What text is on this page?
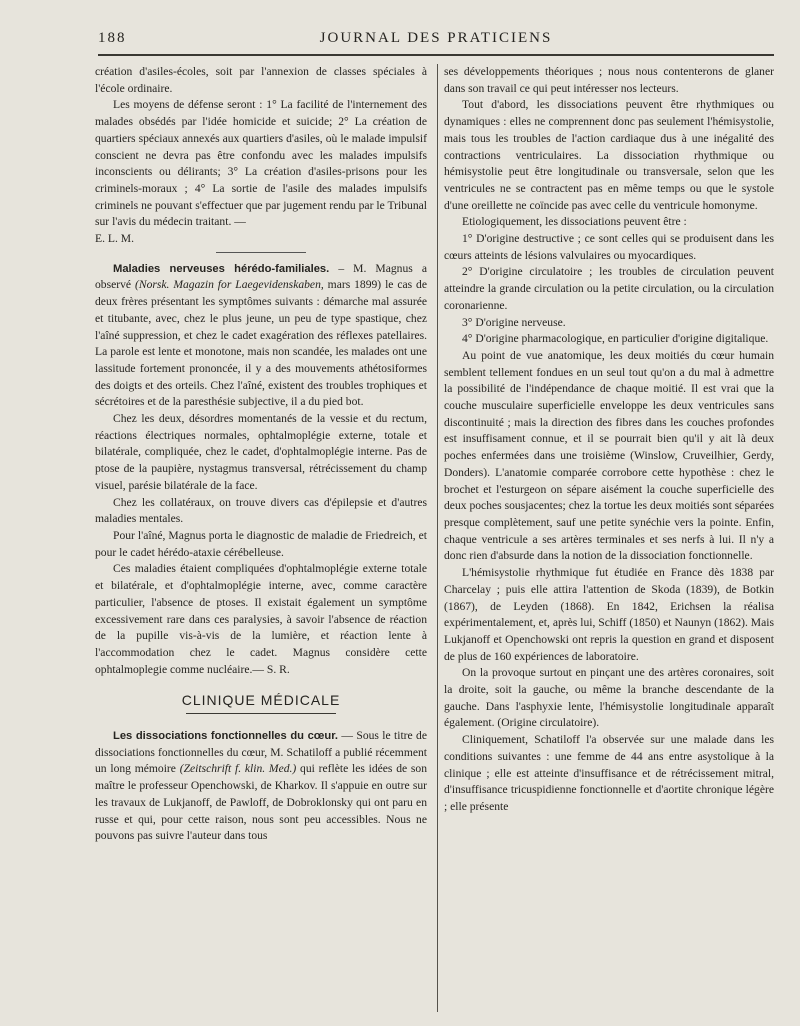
188	JOURNAL DES PRATICIENS

création d'asiles-écoles, soit par l'annexion de classes spéciales à l'école ordinaire.

Les moyens de défense seront : 1° La facilité de l'internement des malades obsédés par l'idée homicide et suicide; 2° La création de quartiers spéciaux annexés aux quartiers d'asiles, où le malade impulsif conscient ne devra pas être confondu avec les malades impulsifs inconscients ou délirants; 3° La création d'asiles-prisons pour les criminels-moraux ; 4° La sortie de l'asile des malades impulsifs criminels ne pouvant s'effectuer que par jugement rendu par le Tribunal sur l'avis du médecin traitant. —

E. L. M.

Maladies nerveuses hérédo-familiales. – M. Magnus a observé (Norsk. Magazin for Laegevidenskaben, mars 1899) le cas de deux frères présentant les symptômes suivants : démarche mal assurée et titubante, avec, chez le plus jeune, un peu de type spastique, chez l'aîné suppression, et chez le cadet exagération des réflexes patellaires. La parole est lente et monotone, mais non scandée, les malades ont une lassitude fortement prononcée, il y a des mouvements athétosiformes des doigts et des orteils. Chez l'aîné, existent des troubles trophiques et sécrétoires et de la paresthésie subjective, il a du pied bot.

Chez les deux, désordres momentanés de la vessie et du rectum, réactions électriques normales, ophtalmoplégie externe, totale et bilatérale, compliquée, chez le cadet, d'ophtalmoplégie interne. Pas de ptose de la paupière, nystagmus transversal, rétrécissement du champ visuel, parésie bilatérale de la face.

Chez les collatéraux, on trouve divers cas d'épilepsie et d'autres maladies mentales.

Pour l'aîné, Magnus porta le diagnostic de maladie de Friedreich, et pour le cadet hérédo-ataxie cérébelleuse.

Ces maladies étaient compliquées d'ophtalmoplégie externe totale et bilatérale, et d'ophtalmoplégie interne, avec, comme caractère particulier, l'absence de ptoses. Il existait également un symptôme excessivement rare dans ces paralysies, à savoir l'absence de réaction de la pupille vis-à-vis de la lumière, et réaction lente à l'accommodation chez le cadet. Magnus considère cette ophtalmoplegie comme nucléaire.— S. R.

CLINIQUE MÉDICALE

Les dissociations fonctionnelles du cœur. — Sous le titre de dissociations fonctionnelles du cœur, M. Schatiloff a publié récemment un long mémoire (Zeitschrift f. klin. Med.) qui reflète les idées de son maître le professeur Openchowski, de Kharkov. Il s'appuie en outre sur les travaux de Lukjanoff, de Pawloff, de Dobroklonsky qui ont paru en russe et qui, pour cette raison, nous sont peu accessibles. Nous ne pouvons pas suivre l'auteur dans tous

ses développements théoriques ; nous nous contenterons de glaner dans son travail ce qui peut intéresser nos lecteurs.

Tout d'abord, les dissociations peuvent être rhythmiques ou dynamiques : elles ne comprennent donc pas seulement l'hémisystolie, mais tous les troubles de l'action cardiaque dus à une inégalité des contractions ventriculaires. La dissociation rhythmique ou hémisystolie peut être longitudinale ou transversale, selon que les ventricules ne se contractent pas en même temps ou que le systole d'une oreillette ne coïncide pas avec celle du ventricule homonyme.

Etiologiquement, les dissociations peuvent être :

1° D'origine destructive ; ce sont celles qui se produisent dans les cœurs atteints de lésions valvulaires ou myocardiques.

2° D'origine circulatoire ; les troubles de circulation peuvent atteindre la grande circulation ou la petite circulation, ou la circulation coronarienne.

3° D'origine nerveuse.

4° D'origine pharmacologique, en particulier d'origine digitalique.

Au point de vue anatomique, les deux moitiés du cœur humain semblent tellement fondues en un seul tout qu'on a du mal à admettre la possibilité de l'indépendance de chaque moitié. Il est vrai que la couche musculaire superficielle enveloppe les deux ventricules sans discontinuité ; mais la direction des fibres dans les couches profondes est insuffisament connue, et il se pourrait bien qu'il y ait là deux poches enfermées dans une troisième (Winslow, Cruveilhier, Gerdy, Donders). L'anatomie comparée corrobore cette hypothèse : chez le brochet et l'esturgeon on sépare aisément la couche superficielle des deux poches sousjacentes; chez la tortue les deux moitiés sont séparées presque complètement, sauf une petite synéchie vers la pointe. Enfin, chaque ventricule a ses artères terminales et ses nerfs à lui. Il n'y a donc rien d'absurde dans la notion de la dissociation fonctionnelle.

L'hémisystolie rhythmique fut étudiée en France dès 1838 par Charcelay ; puis elle attira l'attention de Skoda (1839), de Botkin (1867), de Leyden (1868). En 1842, Erichsen la réalisa expérimentalement, et, après lui, Schiff (1850) et Naunyn (1862). Mais Lukjanoff et Openchowski ont repris la question en grand et disposent de plus de 160 expériences de laboratoire.

On la provoque surtout en pinçant une des artères coronaires, soit la droite, soit la gauche, ou même la branche descendante de la gauche. Dans l'asphyxie lente, l'hémisystolie longitudinale apparaît également. (Origine circulatoire).

Cliniquement, Schatiloff l'a observée sur une malade dans les conditions suivantes : une femme de 44 ans entre asystolique à la clinique ; elle est atteinte d'insuffisance et de rétrécissement mitral, d'insuffisance tricuspidienne fonctionnelle et d'aortite chronique légère ; elle présente
